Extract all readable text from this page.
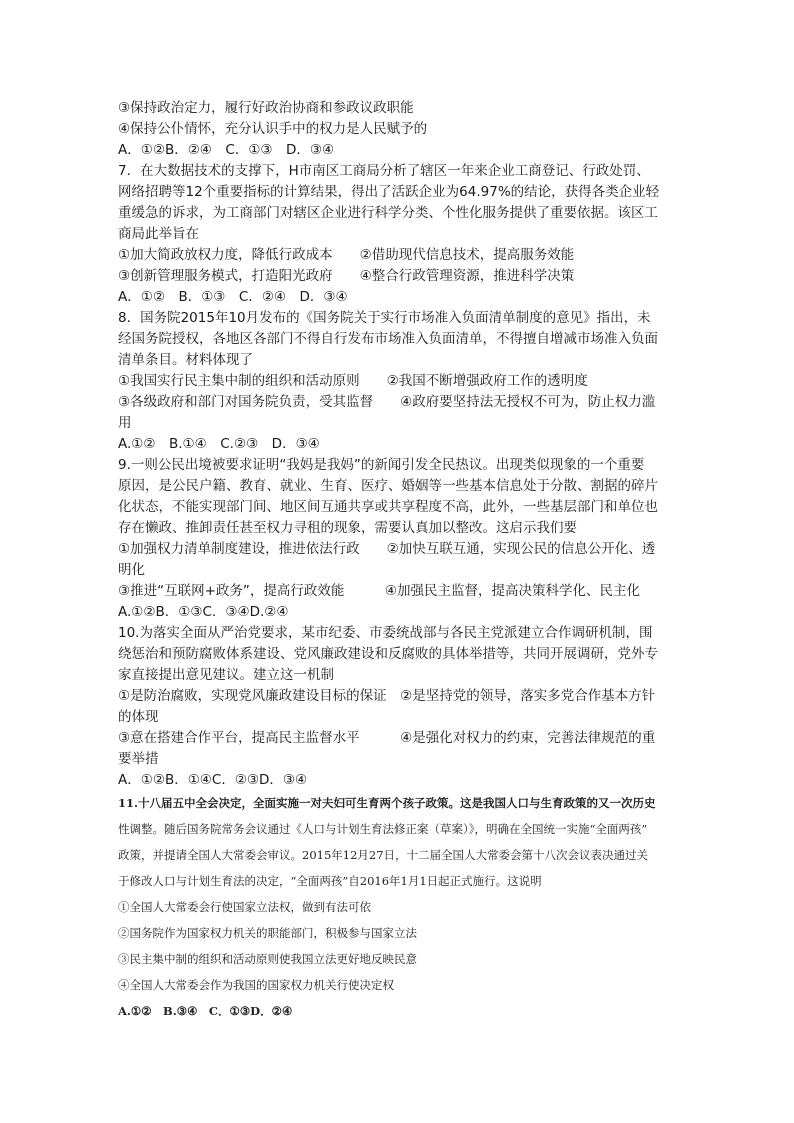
③保持政治定力，履行好政治协商和参政议政职能

④保持公仆情怀，充分认识手中的权力是人民赋予的

A．①②B．②④　C．①③　D．③④

7．在大数据技术的支撑下，H市南区工商局分析了辖区一年来企业工商登记、行政处罚、

网络招聘等12个重要指标的计算结果，得出了活跃企业为64.97%的结论，获得各类企业轻

重缓急的诉求，为工商部门对辖区企业进行科学分类、个性化服务提供了重要依据。该区工

商局此举旨在

①加大简政放权力度，降低行政成本　　②借助现代信息技术，提高服务效能

③创新管理服务模式，打造阳光政府　　④整合行政管理资源，推进科学决策

A．①②　B．①③　C．②④　D．③④

8．国务院2015年10月发布的《国务院关于实行市场准入负面清单制度的意见》指出，未

经国务院授权，各地区各部门不得自行发布市场准入负面清单，不得擅自增减市场准入负面

清单条目。材料体现了

①我国实行民主集中制的组织和活动原则　　②我国不断增强政府工作的透明度

③各级政府和部门对国务院负责，受其监督　　④政府要坚持法无授权不可为，防止权力滥

用

A.①②　B.①④　C.②③　D．③④

9.一则公民出境被要求证明“我妈是我妈”的新闻引发全民热议。出现类似现象的一个重要

原因，是公民户籍、教育、就业、生育、医疗、婚姻等一些基本信息处于分散、割据的碎片

化状态，不能实现部门间、地区间互通共享或共享程度不高，此外，一些基层部门和单位也

存在懒政、推卸责任甚至权力寻租的现象，需要认真加以整改。这启示我们要

①加强权力清单制度建设，推进依法行政　　②加快互联互通，实现公民的信息公开化、透

明化

③推进“互联网+政务”，提高行政效能　　　④加强民主监督，提高决策科学化、民主化

A.①②B．①③C．③④D.②④

10.为落实全面从严治党要求，某市纪委、市委统战部与各民主党派建立合作调研机制，围

绕惩治和预防腐败体系建设、党风廉政建设和反腐败的具体举措等，共同开展调研，党外专

家直接提出意见建议。建立这一机制

①是防治腐败，实现党风廉政建设目标的保证　②是坚持党的领导，落实多党合作基本方针

的体现

③意在搭建合作平台，提高民主监督水平　　　④是强化对权力的约束，完善法律规范的重

要举措

A．①②B．①④C．②③D．③④

11.十八届五中全会决定，全面实施一对夫妇可生育两个孩子政策。这是我国人口与生育政策的又一次历史

性调整。随后国务院常务会议通过《人口与计划生育法修正案（草案）》，明确在全国统一实施“全面两孩”

政策，并提请全国人大常委会审议。2015年12月27日，十二届全国人大常委会第十八次会议表决通过关

于修改人口与计划生育法的决定，“全面两孩”自2016年1月1日起正式施行。这说明

①全国人大常委会行使国家立法权，做到有法可依

②国务院作为国家权力机关的职能部门，积极参与国家立法

③民主集中制的组织和活动原则使我国立法更好地反映民意

④全国人大常委会作为我国的国家权力机关行使决定权

A.①②　B.③④　C．①③D．②④
